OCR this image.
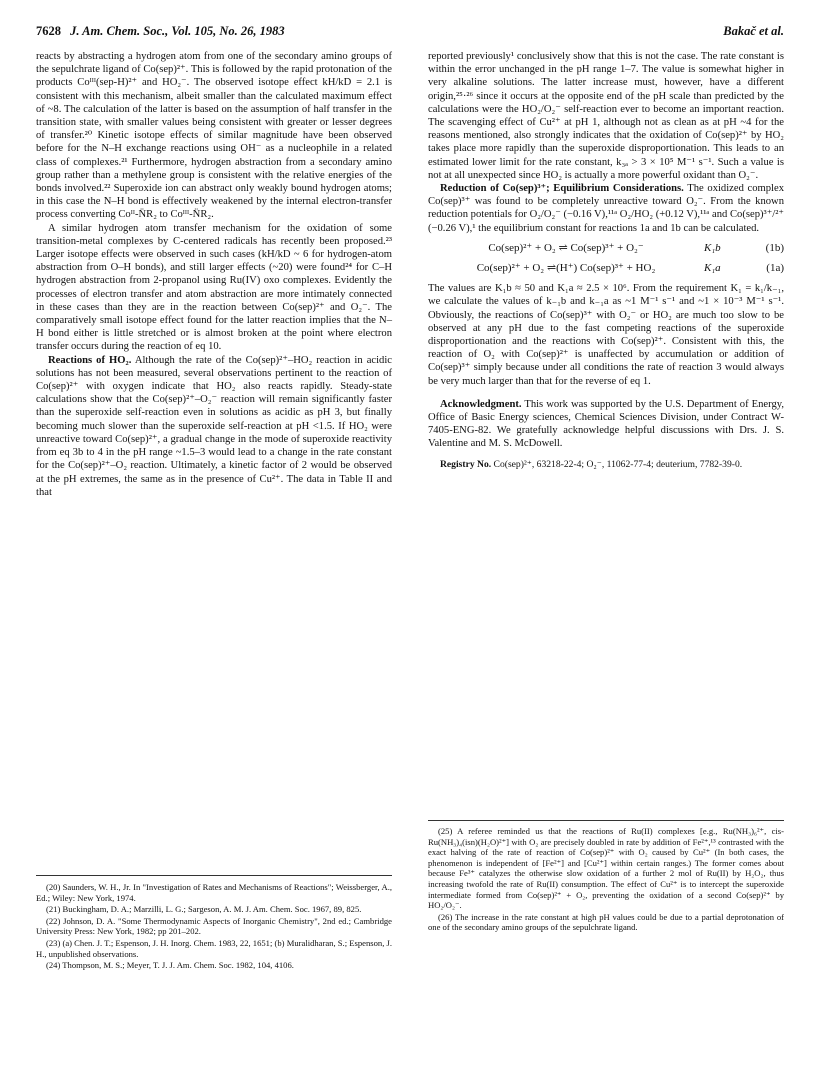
7628 J. Am. Chem. Soc., Vol. 105, No. 26, 1983	Bakač et al.

reacts by abstracting a hydrogen atom from one of the secondary amino groups of the sepulchrate ligand of Co(sep)²⁺. This is followed by the rapid protonation of the products Coᴵᴵᴵ(sep-H)²⁺ and HO₂⁻. The observed isotope effect kH/kD = 2.1 is consistent with this mechanism, albeit smaller than the calculated maximum effect of ~8. The calculation of the latter is based on the assumption of half transfer in the transition state, with smaller values being consistent with greater or lesser degrees of transfer.²⁰ Kinetic isotope effects of similar magnitude have been observed before for the N–H exchange reactions using OH⁻ as a nucleophile in a related class of complexes.²¹ Furthermore, hydrogen abstraction from a secondary amino group rather than a methylene group is consistent with the relative energies of the bonds involved.²² Superoxide ion can abstract only weakly bound hydrogen atoms; in this case the N–H bond is effectively weakened by the internal electron-transfer process converting Coᴵᴵ-N̈R₂ to Coᴵᴵᴵ-N̈R₂.

A similar hydrogen atom transfer mechanism for the oxidation of some transition-metal complexes by C-centered radicals has recently been proposed.²³ Larger isotope effects were observed in such cases (kH/kD ~ 6 for hydrogen-atom abstraction from O–H bonds), and still larger effects (~20) were found²⁴ for C–H hydrogen abstraction from 2-propanol using Ru(IV) oxo complexes. Evidently the processes of electron transfer and atom abstraction are more intimately connected in these cases than they are in the reaction between Co(sep)²⁺ and O₂⁻. The comparatively small isotope effect found for the latter reaction implies that the N–H bond either is little stretched or is almost broken at the point where electron transfer occurs during the reaction of eq 10.

Reactions of HO₂. Although the rate of the Co(sep)²⁺–HO₂ reaction in acidic solutions has not been measured, several observations pertinent to the reaction of Co(sep)²⁺ with oxygen indicate that HO₂ also reacts rapidly. Steady-state calculations show that the Co(sep)²⁺–O₂⁻ reaction will remain significantly faster than the superoxide self-reaction even in solutions as acidic as pH 3, but finally becoming much slower than the superoxide self-reaction at pH <1.5. If HO₂ were unreactive toward Co(sep)²⁺, a gradual change in the mode of superoxide reactivity from eq 3b to 4 in the pH range ~1.5–3 would lead to a change in the rate constant for the Co(sep)²⁺–O₂ reaction. Ultimately, a kinetic factor of 2 would be observed at the pH extremes, the same as in the presence of Cu²⁺. The data in Table II and that

reported previously¹ conclusively show that this is not the case. The rate constant is within the error unchanged in the pH range 1–7. The value is somewhat higher in very alkaline solutions. The latter increase must, however, have a different origin,²⁵·²⁶ since it occurs at the opposite end of the pH scale than predicted by the calculations were the HO₂/O₂⁻ self-reaction ever to become an important reaction. The scavenging effect of Cu²⁺ at pH 1, although not as clean as at pH ~4 for the reasons mentioned, also strongly indicates that the oxidation of Co(sep)²⁺ by HO₂ takes place more rapidly than the superoxide disproportionation. This leads to an estimated lower limit for the rate constant, k₃ₐ > 3 × 10⁵ M⁻¹ s⁻¹. Such a value is not at all unexpected since HO₂ is actually a more powerful oxidant than O₂⁻.

Reduction of Co(sep)³⁺; Equilibrium Considerations. The oxidized complex Co(sep)³⁺ was found to be completely unreactive toward O₂⁻. From the known reduction potentials for O₂/O₂⁻ (−0.16 V),¹¹ᵃ O₂/HO₂ (+0.12 V),¹¹ᵃ and Co(sep)³⁺/²⁺ (−0.26 V),¹ the equilibrium constant for reactions 1a and 1b can be calculated.

Co(sep)²⁺ + O₂ ⇌ Co(sep)³⁺ + O₂⁻	K₁b	(1b)
Co(sep)²⁺ + O₂ ⇌(H⁺) Co(sep)³⁺ + HO₂	K₁a	(1a)

The values are K₁b ≈ 50 and K₁a ≈ 2.5 × 10⁶. From the requirement K₁ = k₁/k₋₁, we calculate the values of k₋₁b and k₋₁a as ~1 M⁻¹ s⁻¹ and ~1 × 10⁻³ M⁻¹ s⁻¹. Obviously, the reactions of Co(sep)³⁺ with O₂⁻ or HO₂ are much too slow to be observed at any pH due to the fast competing reactions of the superoxide disproportionation and the reactions with Co(sep)²⁺. Consistent with this, the reaction of O₂ with Co(sep)²⁺ is unaffected by accumulation or addition of Co(sep)³⁺ simply because under all conditions the rate of reaction 3 would always be very much larger than that for the reverse of eq 1.

Acknowledgment. This work was supported by the U.S. Department of Energy, Office of Basic Energy sciences, Chemical Sciences Division, under Contract W-7405-ENG-82. We gratefully acknowledge helpful discussions with Drs. J. S. Valentine and M. S. McDowell.

Registry No. Co(sep)²⁺, 63218-22-4; O₂⁻, 11062-77-4; deuterium, 7782-39-0.

(20) Saunders, W. H., Jr. In "Investigation of Rates and Mechanisms of Reactions"; Weissberger, A., Ed.; Wiley: New York, 1974.

(21) Buckingham, D. A.; Marzilli, L. G.; Sargeson, A. M. J. Am. Chem. Soc. 1967, 89, 825.

(22) Johnson, D. A. "Some Thermodynamic Aspects of Inorganic Chemistry", 2nd ed.; Cambridge University Press: New York, 1982; pp 201–202.

(23) (a) Chen. J. T.; Espenson, J. H. Inorg. Chem. 1983, 22, 1651; (b) Muralidharan, S.; Espenson, J. H., unpublished observations.

(24) Thompson, M. S.; Meyer, T. J. J. Am. Chem. Soc. 1982, 104, 4106.

(25) A referee reminded us that the reactions of Ru(II) complexes [e.g., Ru(NH₃)₆²⁺, cis-Ru(NH₃)₄(isn)(H₂O)²⁺] with O₂ are precisely doubled in rate by addition of Fe²⁺,¹³ contrasted with the exact halving of the rate of reaction of Co(sep)²⁺ with O₂ caused by Cu²⁺ (In both cases, the phenomenon is independent of [Fe²⁺] and [Cu²⁺] within certain ranges.) The former comes about because Fe³⁺ catalyzes the otherwise slow oxidation of a further 2 mol of Ru(II) by H₂O₂, thus increasing twofold the rate of Ru(II) consumption. The effect of Cu²⁺ is to intercept the superoxide intermediate formed from Co(sep)²⁺ + O₂, preventing the oxidation of a second Co(sep)²⁺ by HO₂/O₂⁻.

(26) The increase in the rate constant at high pH values could be due to a partial deprotonation of one of the secondary amino groups of the sepulchrate ligand.
